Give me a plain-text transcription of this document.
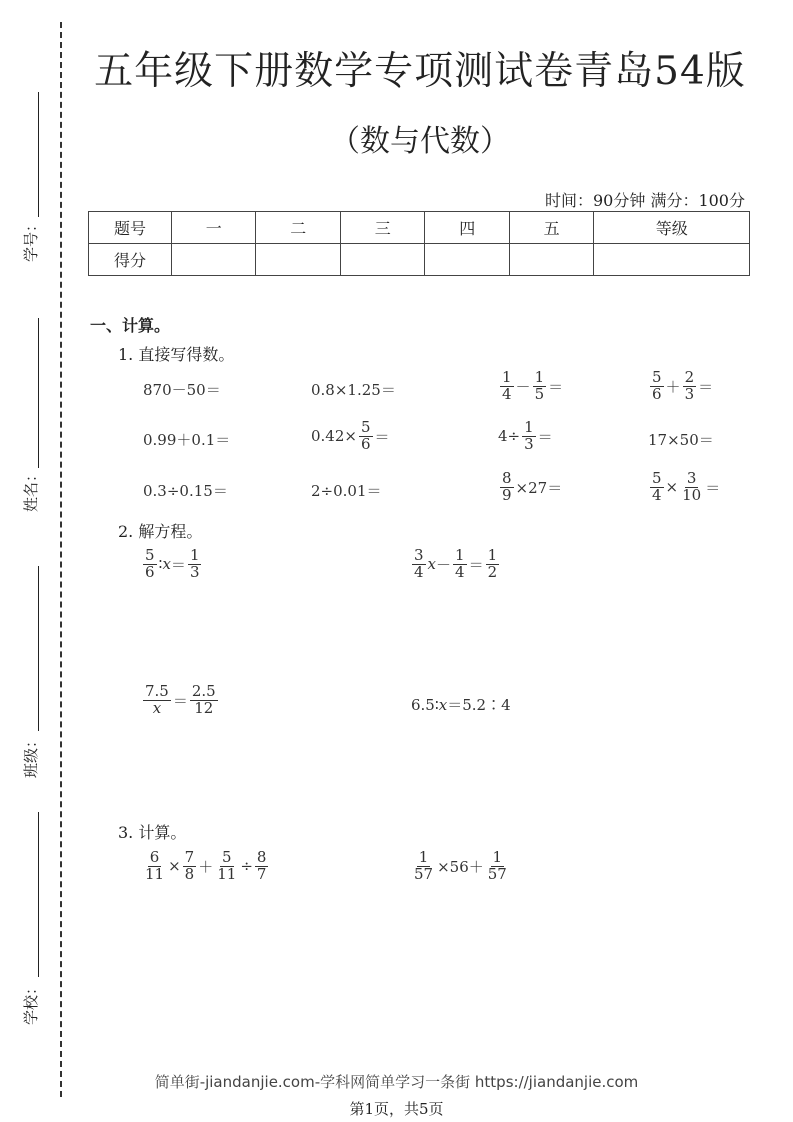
学号：
姓名：
班级：
学校：
五年级下册数学专项测试卷青岛54版
（数与代数）
时间：90分钟 满分：100分
题号	一	二	三	四	五	等级
得分						
一、计算。
1. 直接写得数。
870－50＝	0.8×1.25＝	$\frac{1}{4} - \frac{1}{5}$ ＝	$\frac{5}{6} + \frac{2}{3}$ ＝
0.99＋0.1＝	$0.42\times \frac{5}{6}$ ＝	$4\div \frac{1}{3}$ ＝	17×50＝
0.3÷0.15＝	2÷0.01＝	$\frac{8}{9} \times 27=$	$\frac{5}{4} \times \frac{3}{10}$ ＝
2. 解方程。
$\frac{5}{6}$ ∶ $x = \frac{1}{3}$	$\frac{3}{4}$ $x - \frac{1}{4} = \frac{1}{2}$
$\frac{7.5}{x} = \frac{2.5}{12}$	6.5∶ x ＝5.2∶4
3. 计算。
$\frac{6}{11} \times \frac{7}{8} + \frac{5}{11} \div \frac{8}{7}$	$\frac{1}{57} \times 56+ \frac{1}{57}$
简单街-jiandanjie.com-学科网简单学习一条街 https://jiandanjie.com
第1页，共5页
